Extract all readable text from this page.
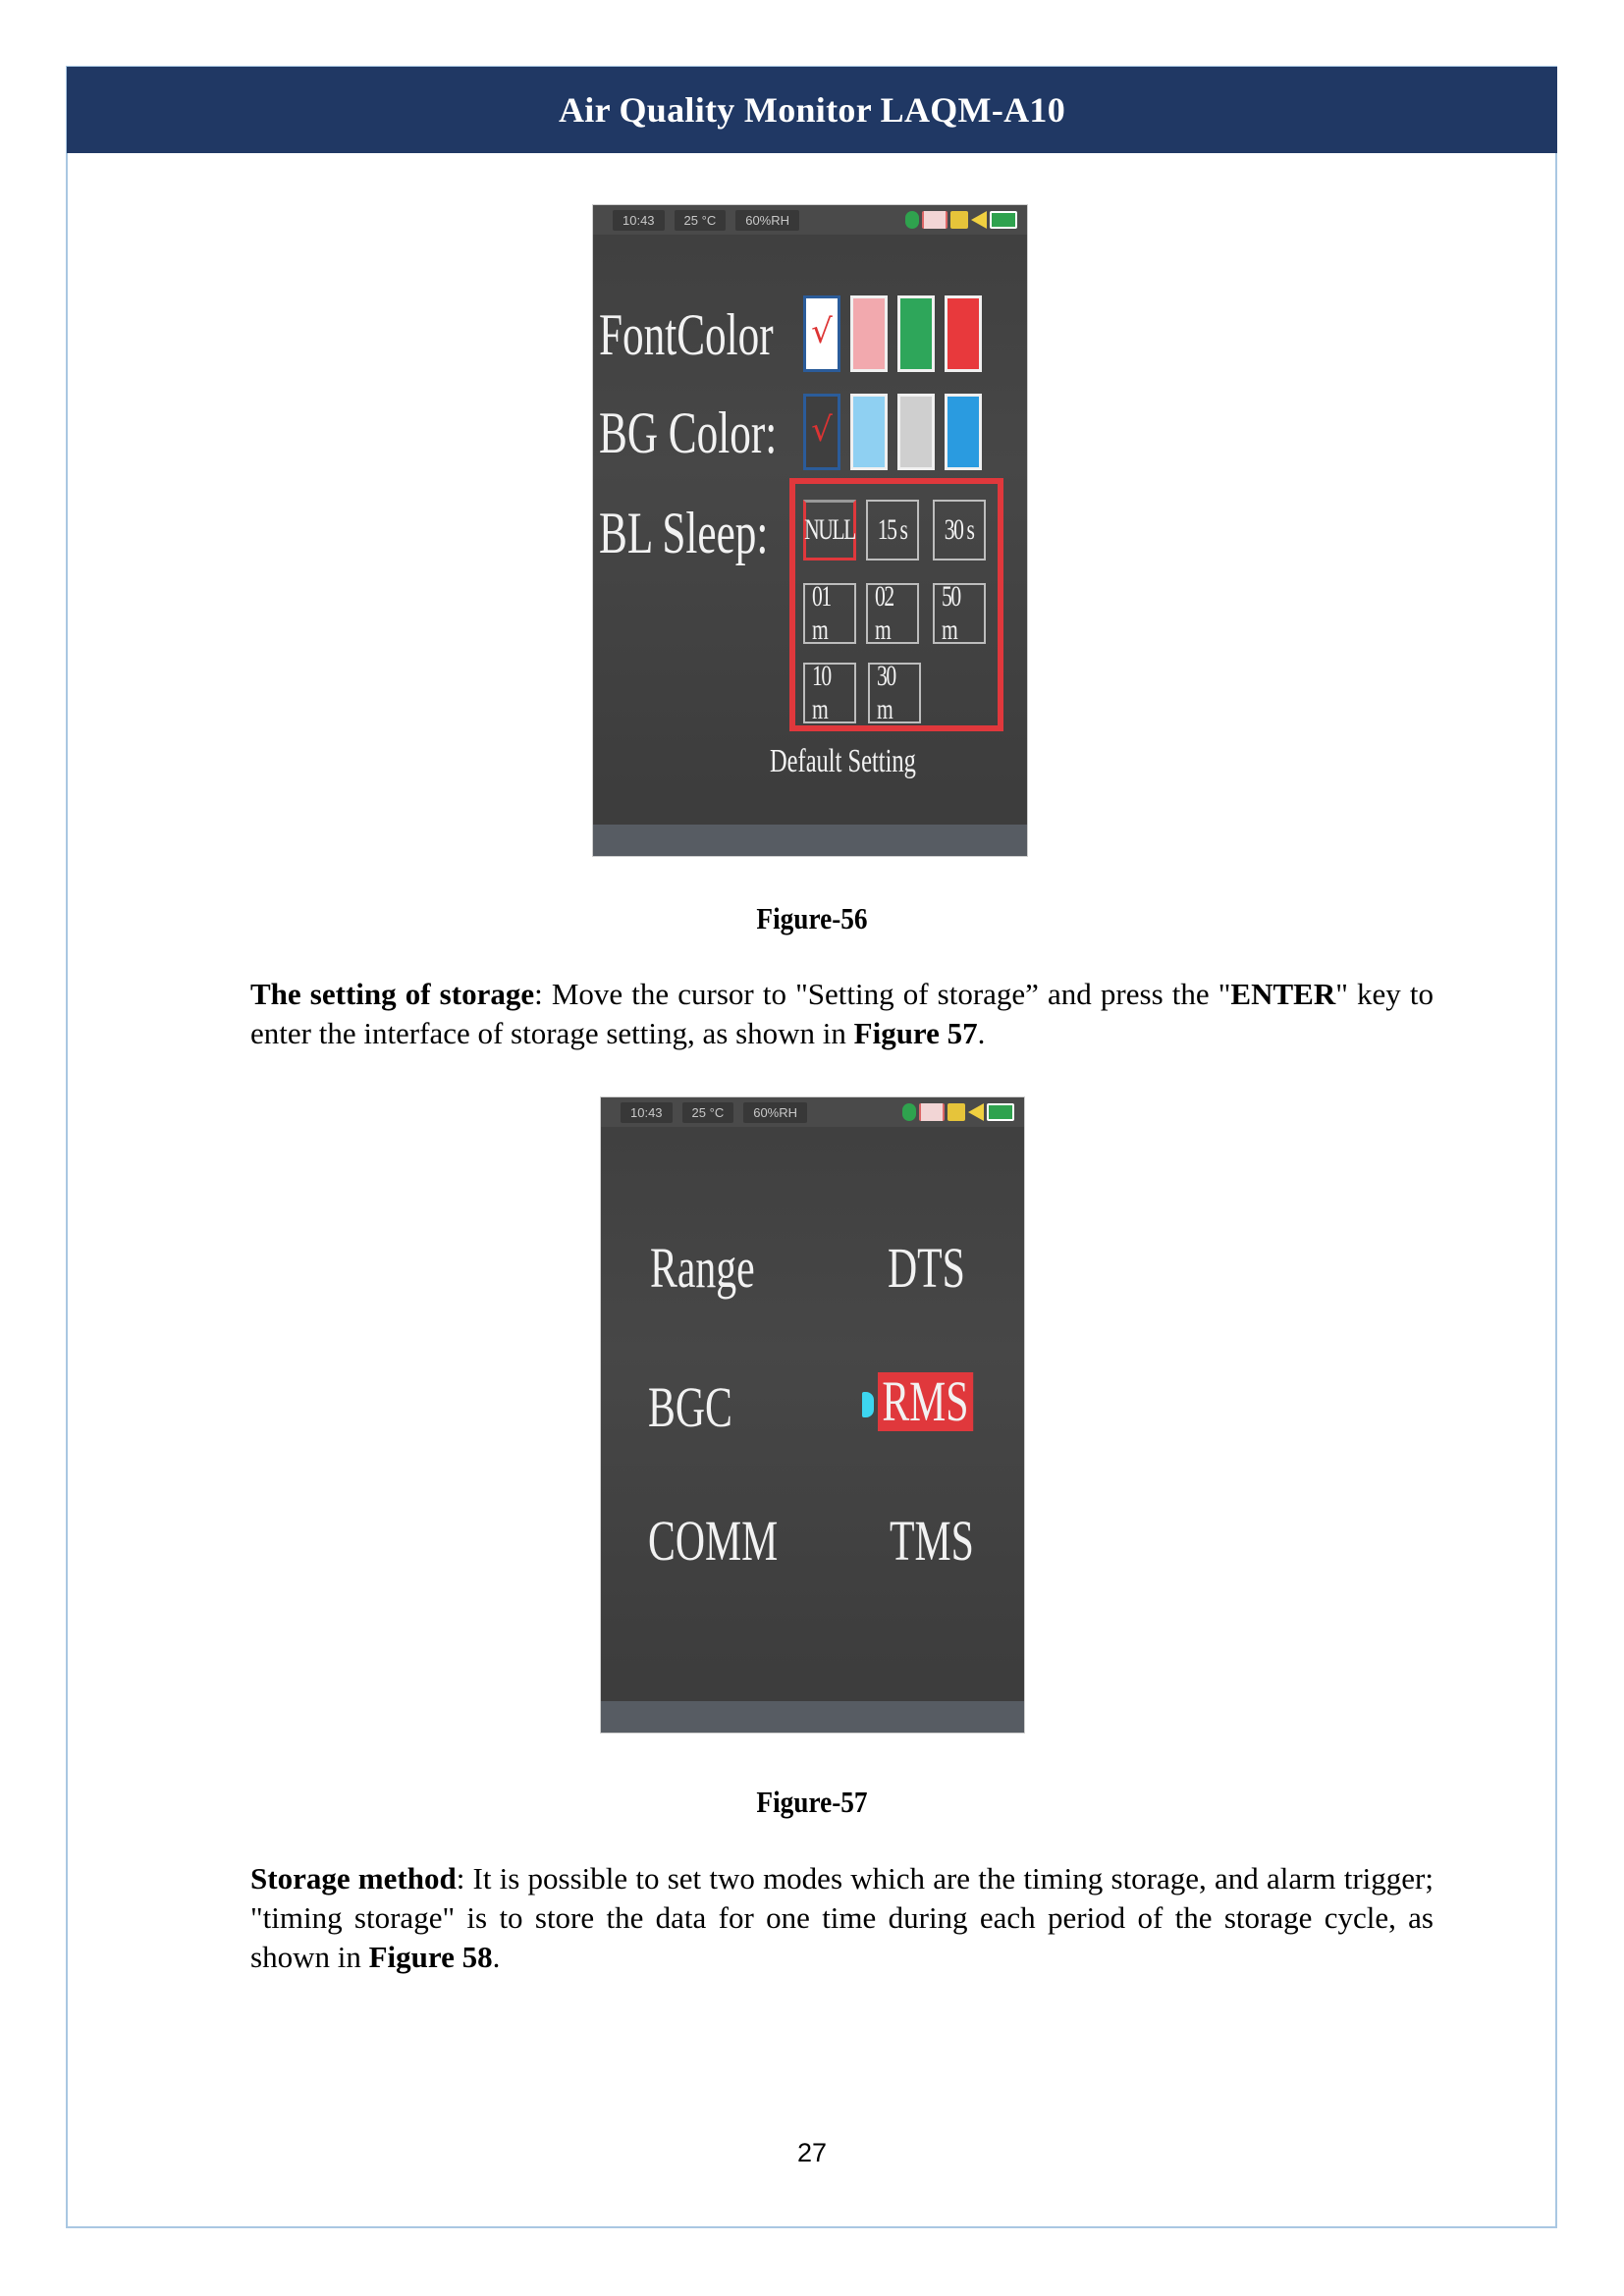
Air Quality Monitor LAQM-A10
10:43	25 °C	60%RH
FontColor
BG Color:
BL Sleep:
√
√
NULL 15 s 30 s
01 m
02 m
50 m
10 m
30 m
Default Setting
Figure-56

The setting of storage: Move the cursor to "Setting of storage” and press the "ENTER" key to enter the interface of storage setting, as shown in Figure 57.

10:43	25 °C	60%RH
Range DTS
BGC	RMS
COMM TMS
Figure-57

Storage method: It is possible to set two modes which are the timing storage, and alarm trigger; "timing storage" is to store the data for one time during each period of the storage cycle, as shown in Figure 58.

27
